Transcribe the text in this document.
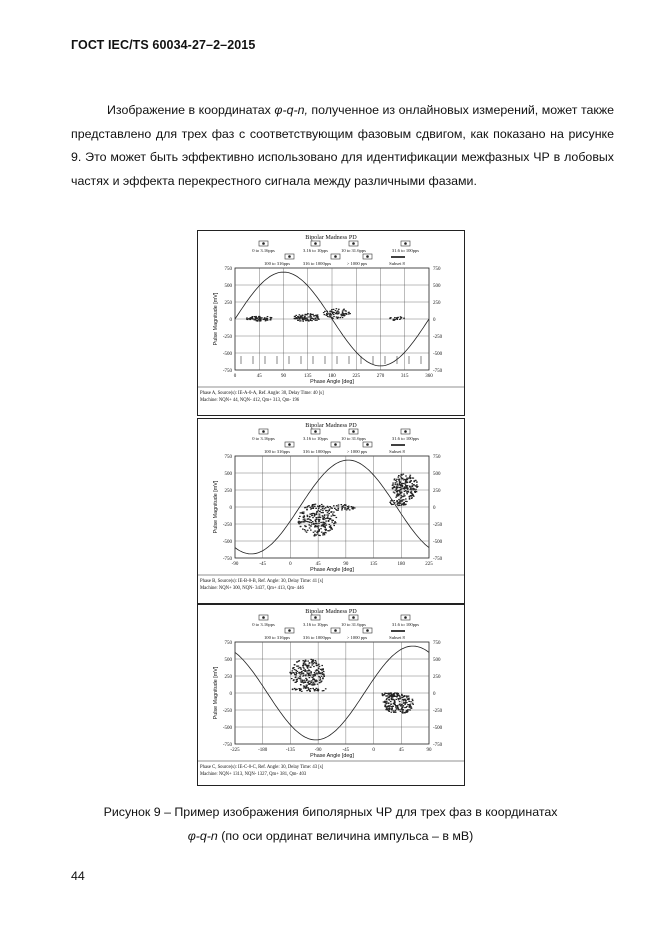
ГОСТ IEC/TS 60034-27–2–2015

Изображение в координатах φ-q-n, полученное из онлайновых измерений, может также представлено для трех фаз с соответствующим фазовым сдвигом, как показано на рисунке 9. Это может быть эффективно использовано для идентификации межфазных ЧР в лобовых частях и эффекта перекрестного сигнала между различными фазами.

Bipolar Madness PD
0 to 3.16pps	3.16 to 10pps	10 to 31.6pps	31.6 to 100pps
100 to 316pps	316 to 1000pps	> 1000 pps	Subset 8
750
500
250
0
-250
-500
-750
750
500
250
0
-250
-500
-750
0	45	90	135	180	225	270	315	360
Phase Angle [deg]
Pulse Magnitude [mV]
Phase A, Source(s): IE-A-0-A, Ref. Angle: 30, Delay Time: 40 [s]
Machine: NQN+ 44, NQN- 412, Qm+ 313, Qm- 196
Bipolar Madness PD
0 to 3.16pps	3.16 to 10pps	10 to 31.6pps	31.6 to 100pps
100 to 316pps	316 to 1000pps	> 1000 pps	Subset 8
750
500
250
0
-250
-500
-750
750
500
250
0
-250
-500
-750
-90	-45	0	45	90	135	180	225
Phase Angle [deg]
Pulse Magnitude [mV]
Phase B, Source(s): IE-B-0-B, Ref. Angle: 30, Delay Time: 41 [s]
Machine: NQN+ 300, NQN- 3437, Qm+ 413, Qm- 446
Bipolar Madness PD
0 to 3.16pps	3.16 to 10pps	10 to 31.6pps	31.6 to 100pps
100 to 316pps	316 to 1000pps	> 1000 pps	Subset 8
750
500
250
0
-250
-500
-750
750
500
250
0
-250
-500
-750
-225	-180	-135	-90	-45	0	45	90
Phase Angle [deg]
Pulse Magnitude [mV]
Phase C, Source(s): IE-C-0-C, Ref. Angle: 30, Delay Time: 43 [s]
Machine: NQN+ 1313, NQN- 1327, Qm+ 381, Qm- 403
Рисунок 9 – Пример изображения биполярных ЧР для трех фаз в координатах
φ-q-n (по оси ординат величина импульса – в мВ)
44
